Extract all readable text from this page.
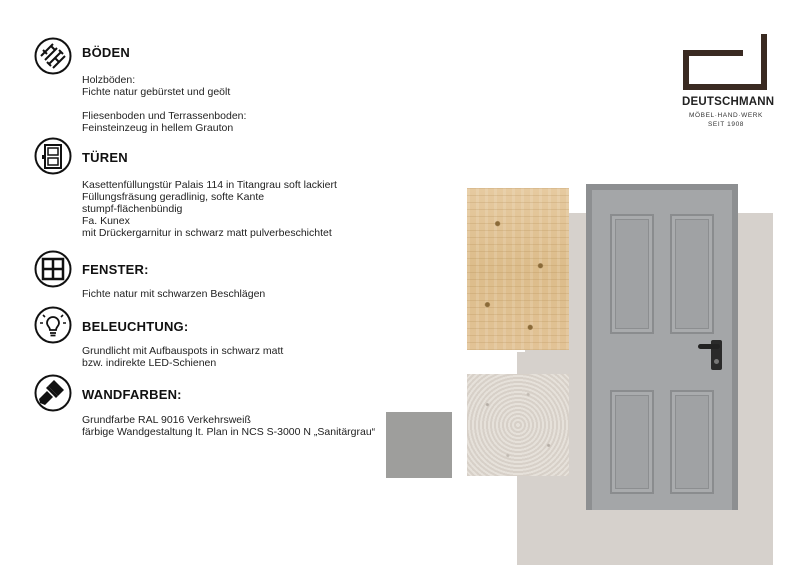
BÖDEN
Holzböden:
Fichte natur gebürstet und geölt
Fliesenboden und Terrassenboden:
Feinsteinzeug in hellem Grauton
TÜREN
Kasettenfüllungstür Palais 114 in Titangrau soft lackiert
Füllungsfräsung geradlinig, softe Kante
stumpf-flächenbündig
Fa. Kunex
mit Drückergarnitur in schwarz matt pulverbeschichtet
FENSTER:
Fichte natur mit schwarzen Beschlägen
BELEUCHTUNG:
Grundlicht mit Aufbauspots in schwarz matt
bzw. indirekte LED-Schienen
WANDFARBEN:
Grundfarbe RAL 9016 Verkehrsweiß
färbige Wandgestaltung lt. Plan in NCS S-3000 N „Sanitärgrau“
DEUTSCHMANN
MÖBEL·HAND·WERK
SEIT 1908
